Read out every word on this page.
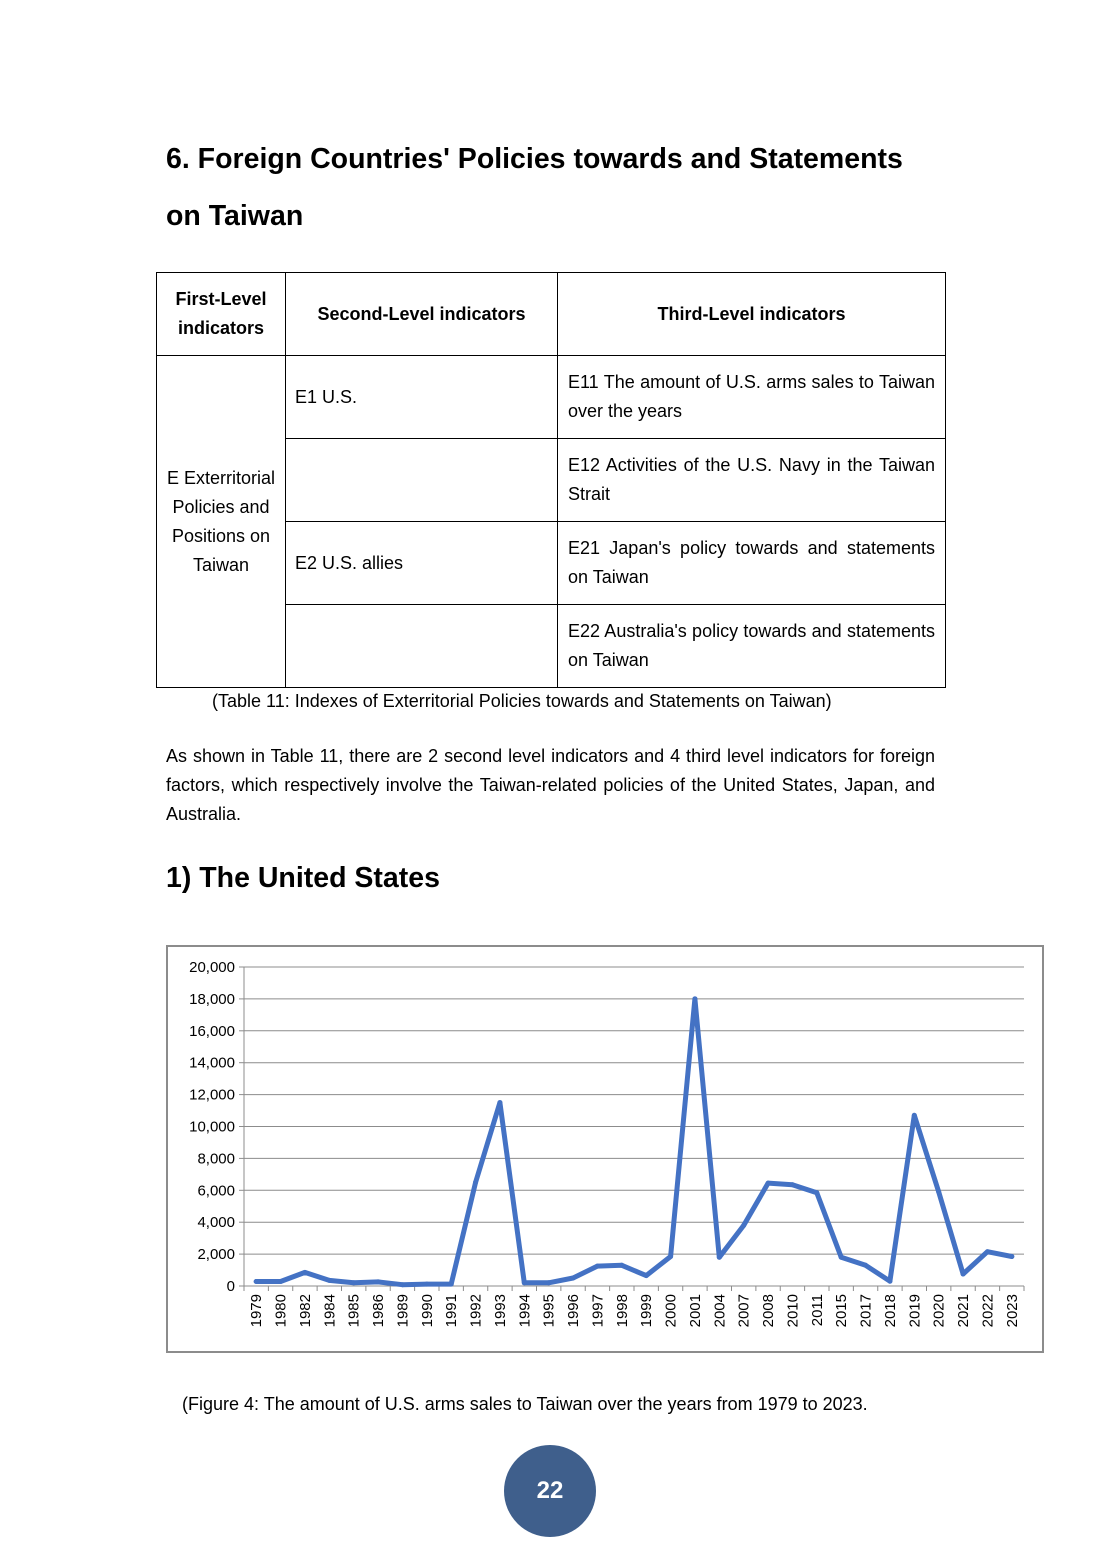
6. Foreign Countries' Policies towards and Statements
on Taiwan
First-Level indicators	Second-Level indicators	Third-Level indicators
E Exterritorial Policies and Positions on Taiwan	E1 U.S.	E11 The amount of U.S. arms sales to Taiwan over the years
		E12 Activities of the U.S. Navy in the Taiwan Strait
	E2 U.S. allies	E21 Japan's policy towards and statements on Taiwan
		E22 Australia's policy towards and statements on Taiwan

(Table 11: Indexes of Exterritorial Policies towards and Statements on Taiwan)

As shown in Table 11, there are 2 second level indicators and 4 third level indicators for foreign factors, which respectively involve the Taiwan-related policies of the United States, Japan, and Australia.

1) The United States
0
2,000
4,000
6,000
8,000
10,000
12,000
14,000
16,000
18,000
20,000
1979 1980 1982 1984 1985 1986 1989 1990 1991 1992 1993 1994 1995 1996 1997 1998 1999 2000 2001 2004 2007 2008 2010 2011 2015 2017 2018 2019 2020 2021 2022 2023

(Figure 4: The amount of U.S. arms sales to Taiwan over the years from 1979 to 2023.

22
